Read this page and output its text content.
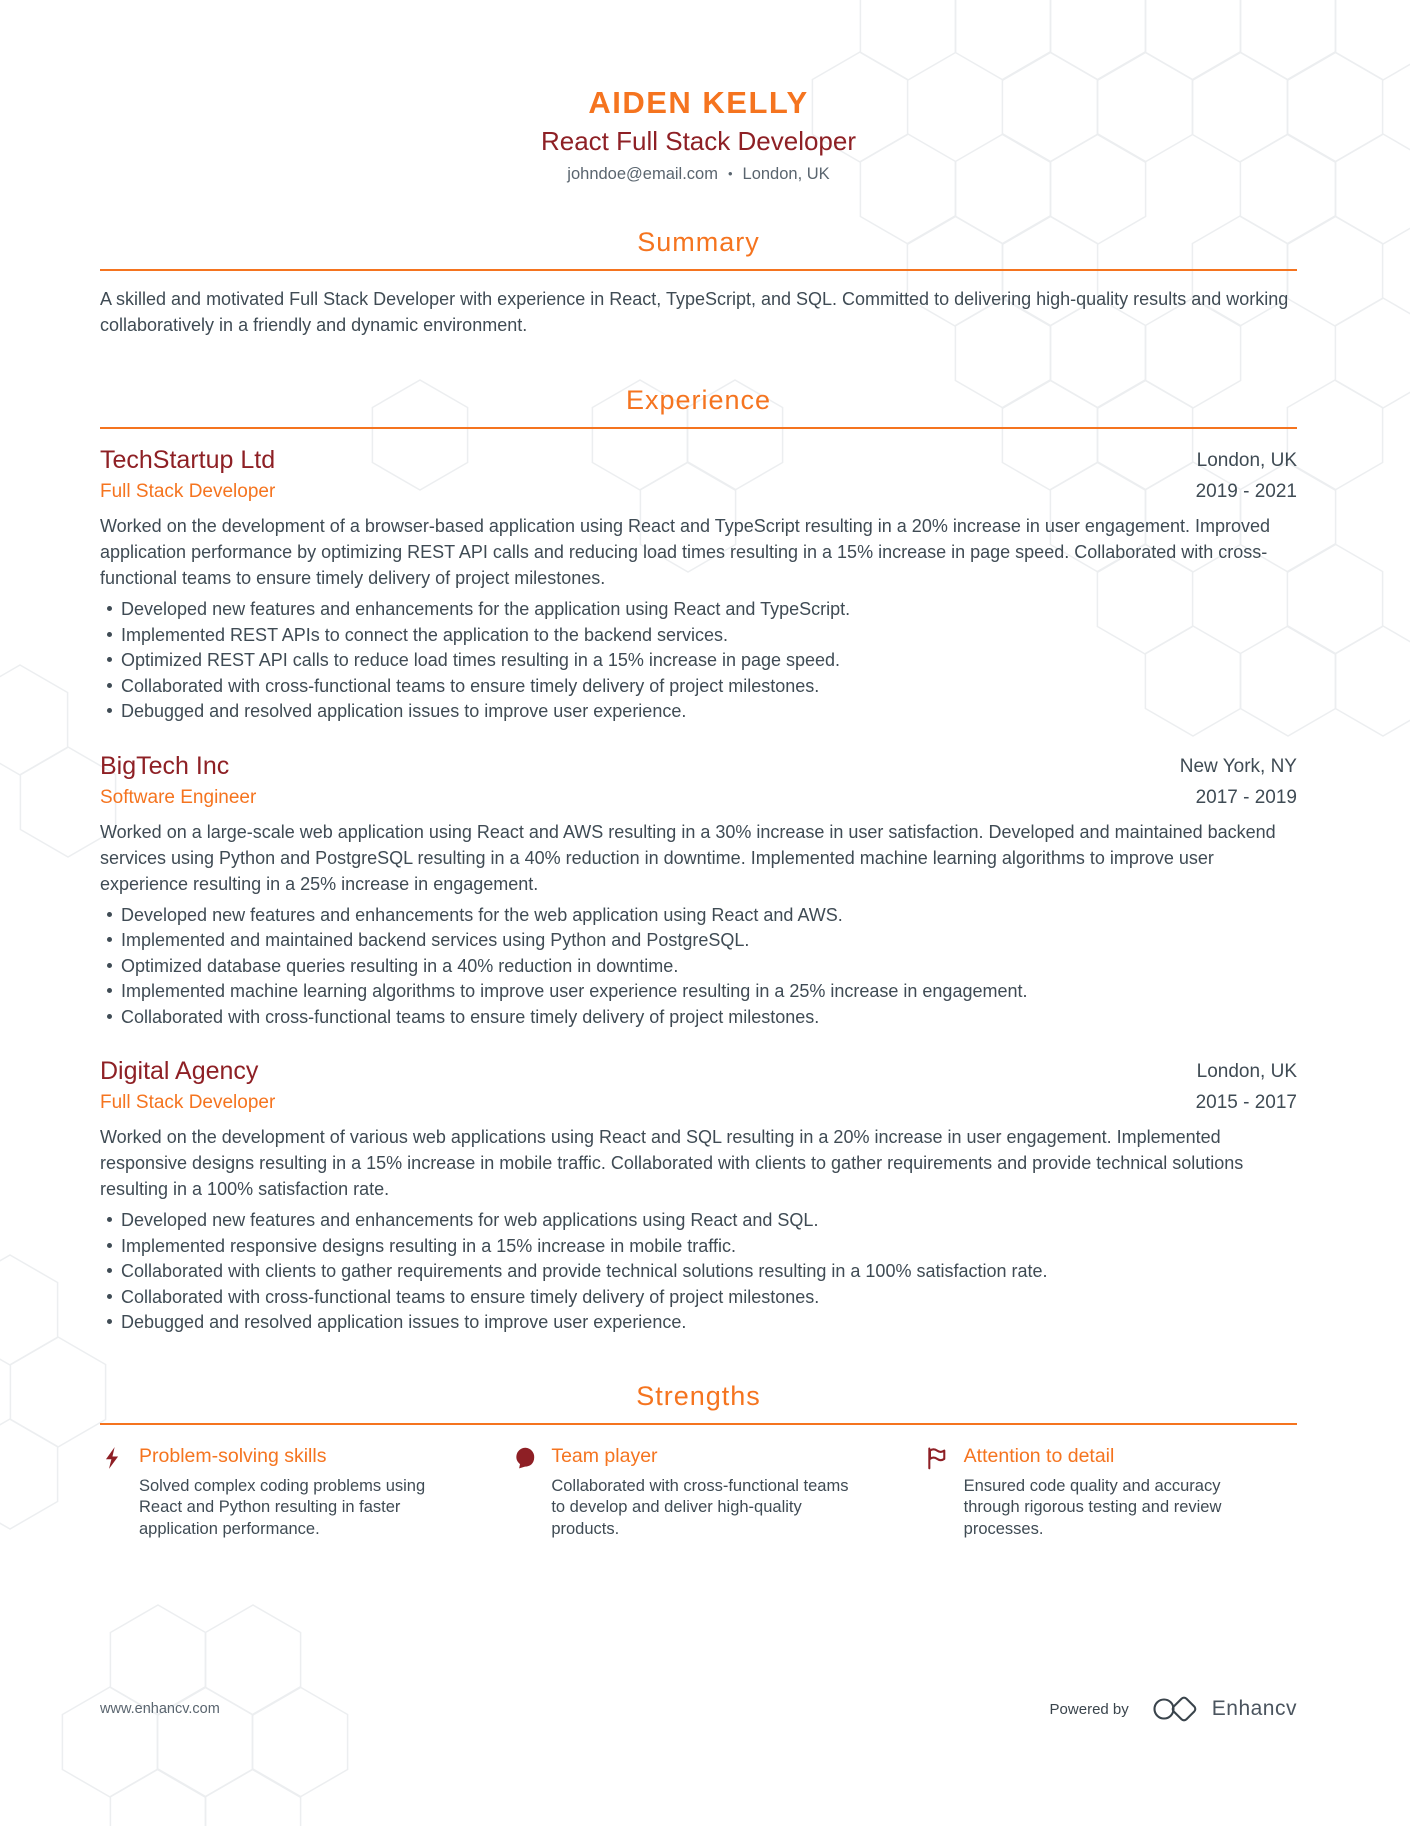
AIDEN KELLY
React Full Stack Developer
johndoe@email.com • London, UK
Summary
A skilled and motivated Full Stack Developer with experience in React, TypeScript, and SQL. Committed to delivering high-quality results and working collaboratively in a friendly and dynamic environment.
Experience
TechStartup Ltd
Full Stack Developer
London, UK
2019 - 2021
Worked on the development of a browser-based application using React and TypeScript resulting in a 20% increase in user engagement. Improved application performance by optimizing REST API calls and reducing load times resulting in a 15% increase in page speed. Collaborated with cross-functional teams to ensure timely delivery of project milestones.
Developed new features and enhancements for the application using React and TypeScript.
Implemented REST APIs to connect the application to the backend services.
Optimized REST API calls to reduce load times resulting in a 15% increase in page speed.
Collaborated with cross-functional teams to ensure timely delivery of project milestones.
Debugged and resolved application issues to improve user experience.
BigTech Inc
Software Engineer
New York, NY
2017 - 2019
Worked on a large-scale web application using React and AWS resulting in a 30% increase in user satisfaction. Developed and maintained backend services using Python and PostgreSQL resulting in a 40% reduction in downtime. Implemented machine learning algorithms to improve user experience resulting in a 25% increase in engagement.
Developed new features and enhancements for the web application using React and AWS.
Implemented and maintained backend services using Python and PostgreSQL.
Optimized database queries resulting in a 40% reduction in downtime.
Implemented machine learning algorithms to improve user experience resulting in a 25% increase in engagement.
Collaborated with cross-functional teams to ensure timely delivery of project milestones.
Digital Agency
Full Stack Developer
London, UK
2015 - 2017
Worked on the development of various web applications using React and SQL resulting in a 20% increase in user engagement. Implemented responsive designs resulting in a 15% increase in mobile traffic. Collaborated with clients to gather requirements and provide technical solutions resulting in a 100% satisfaction rate.
Developed new features and enhancements for web applications using React and SQL.
Implemented responsive designs resulting in a 15% increase in mobile traffic.
Collaborated with clients to gather requirements and provide technical solutions resulting in a 100% satisfaction rate.
Collaborated with cross-functional teams to ensure timely delivery of project milestones.
Debugged and resolved application issues to improve user experience.
Strengths
Problem-solving skills
Solved complex coding problems using React and Python resulting in faster application performance.
Team player
Collaborated with cross-functional teams to develop and deliver high-quality products.
Attention to detail
Ensured code quality and accuracy through rigorous testing and review processes.
www.enhancv.com	Powered by	Enhancv
